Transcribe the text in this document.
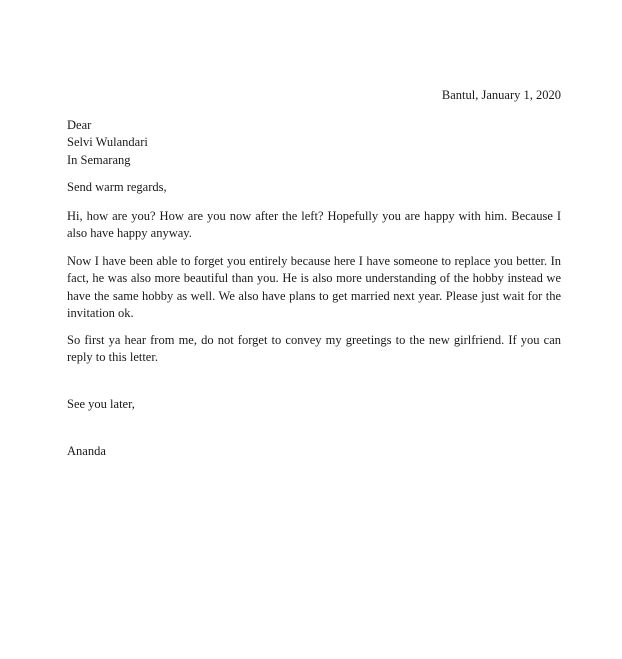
Bantul, January 1, 2020
Dear
Selvi Wulandari
In Semarang
Send warm regards,
Hi, how are you? How are you now after the left? Hopefully you are happy with him. Because I also have happy anyway.
Now I have been able to forget you entirely because here I have someone to replace you better. In fact, he was also more beautiful than you. He is also more understanding of the hobby instead we have the same hobby as well. We also have plans to get married next year. Please just wait for the invitation ok.
So first ya hear from me, do not forget to convey my greetings to the new girlfriend. If you can reply to this letter.
See you later,
Ananda
